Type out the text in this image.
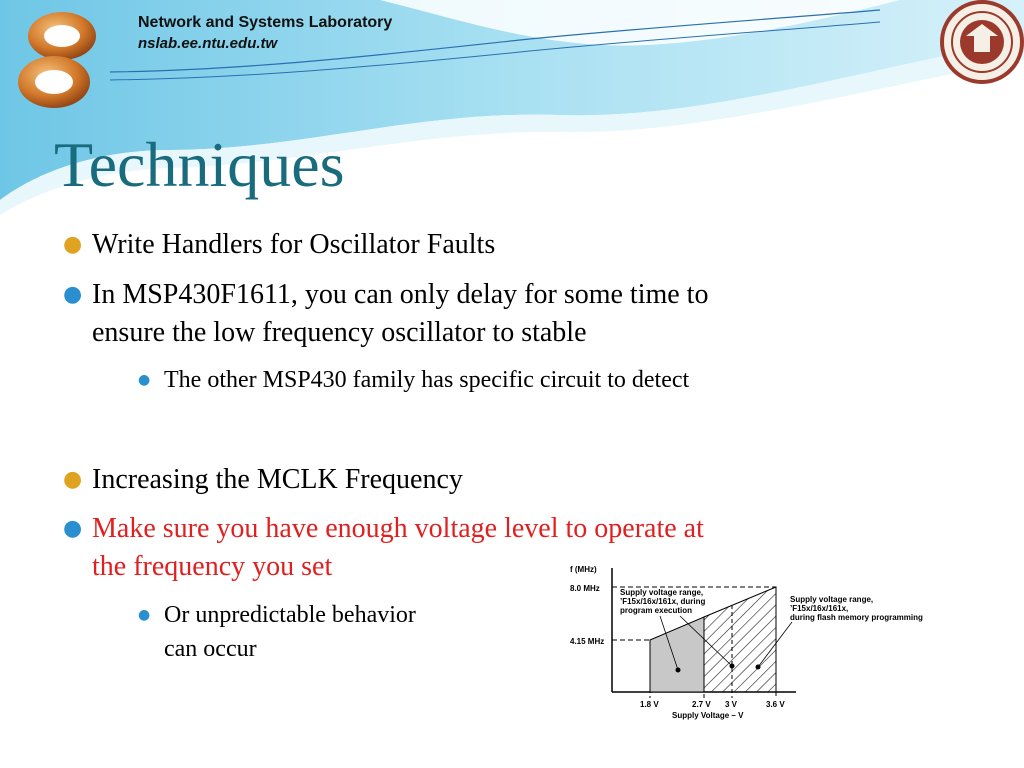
Network and Systems Laboratory
nslab.ee.ntu.edu.tw
Techniques
● Write Handlers for Oscillator Faults
● In MSP430F1611, you can only delay for some time to
ensure the low frequency oscillator to stable
● The other MSP430 family has specific circuit to detect
● Increasing the MCLK Frequency
● Make sure you have enough voltage level to operate at
the frequency you set
● Or unpredictable behavior
can occur
f (MHz)
8.0 MHz
4.15 MHz
1.8 V	2.7 V 3 V	3.6 V
Supply Voltage – V
Supply voltage range,
’F15x/16x/161x, during
program execution
Supply voltage range,
’F15x/16x/161x,
during flash memory programming
